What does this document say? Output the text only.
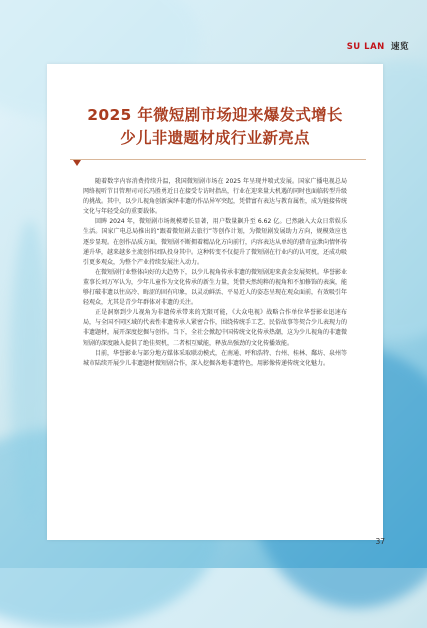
SU LAN 速览
2025 年微短剧市场迎来爆发式增长
少儿非遗题材成行业新亮点

随着数字内容消费持续升温，我国微短剧市场在 2025 年呈现井喷式发展。国家广播电视总局网络视听节目管理司司长冯胜勇近日在接受专访时指出，行业在迎来量大机遇的同时也面临转型升级的挑战。其中，以少儿视角创新演绎非遗的作品异军突起，凭借富有表达与教育属性，成为链接传统文化与年轻受众的重要载体。

回眸 2024 年，微短剧市场规模增长显著，用户数量飙升至 6.62 亿。已然融入大众日常娱乐生活。国家广电总局推出的“跟着微短剧去旅行”等创作计划，为微短剧发展助力方向，规模效应也逐步显现。在创作品质方面，微短剧不断拥着精品化方向前行，内容表达从单纯的猎奇宣泄向情怀传递升华，越来越多主流创作团队投身其中。这种转变不仅提升了微短剧在行业内的认可度，还成功吸引更多观众，为整个产业持续发展注入动力。

在微短剧行业整体向好的大趋势下，以少儿视角传承非遗的微短剧迎来黄金发展契机。华誉影业董事长刘万军认为，少年儿童作为文化传承的新生力量，凭借天然纯粹的视角和不加修饰的表演，能够打破非遗以往高冷、晦涩的固有印象，以灵动鲜活、平易近人的姿态呈现在观众面前，有效吸引年轻观众，尤其是青少年群体对非遗的关注。

正是洞察到少儿视角为非遗传承带来的无限可能，《大众电视》战略合作单位华誉影业迅速布局，与全国不同区域的代表性非遗传承人紧密合作，围绕传统手工艺、民俗故事等契合少儿表现力的非遗题材，展开深度挖掘与创作。当下，全社会掀起中国传统文化传承热潮，这为少儿视角的非遗微短剧的深度融入提供了绝佳契机，二者相互赋能，释放出强劲的文化传播效能。

目前，华誉影业与部分地方媒体采取联动模式，在南通、呼和浩特、台州、桂林、鄱坊、泉州等城市陆续开展少儿非遗题材微短剧合作，深入挖掘各地非遗特色，用影像传递传统文化魅力。

37
